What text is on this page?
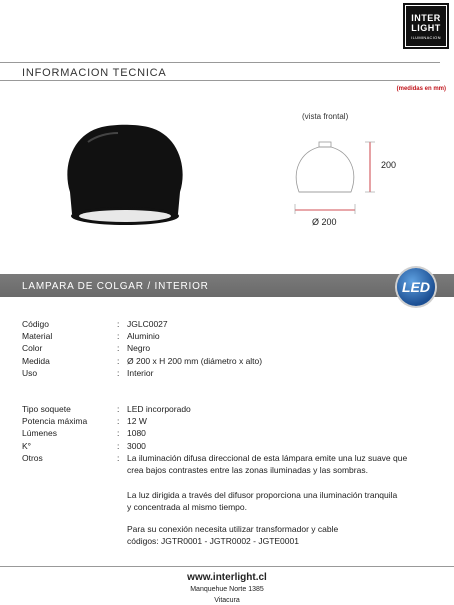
INTER
LIGHT
ILUMINACION
INFORMACION TECNICA
(medidas en mm)
(vista frontal)
200
Ø 200
LAMPARA DE COLGAR / INTERIOR	LED
Código	: JGLC0027
Material	: Aluminio
Color	: Negro
Medida	: Ø 200 x H 200 mm (diámetro x alto)
Uso	: Interior
Tipo soquete	: LED incorporado
Potencia máxima	: 12 W
Lúmenes	: 1080
K°	: 3000
Otros	: La iluminación difusa direccional de esta lámpara emite una luz suave que
crea bajos contrastes entre las zonas iluminadas y las sombras.
La luz dirigida a través del difusor proporciona una iluminación tranquila
y concentrada al mismo tiempo.
Para su conexión necesita utilizar transformador y cable
códigos: JGTR0001 - JGTR0002 - JGTE0001
www.interlight.cl
Manquehue Norte 1385
Vitacura
